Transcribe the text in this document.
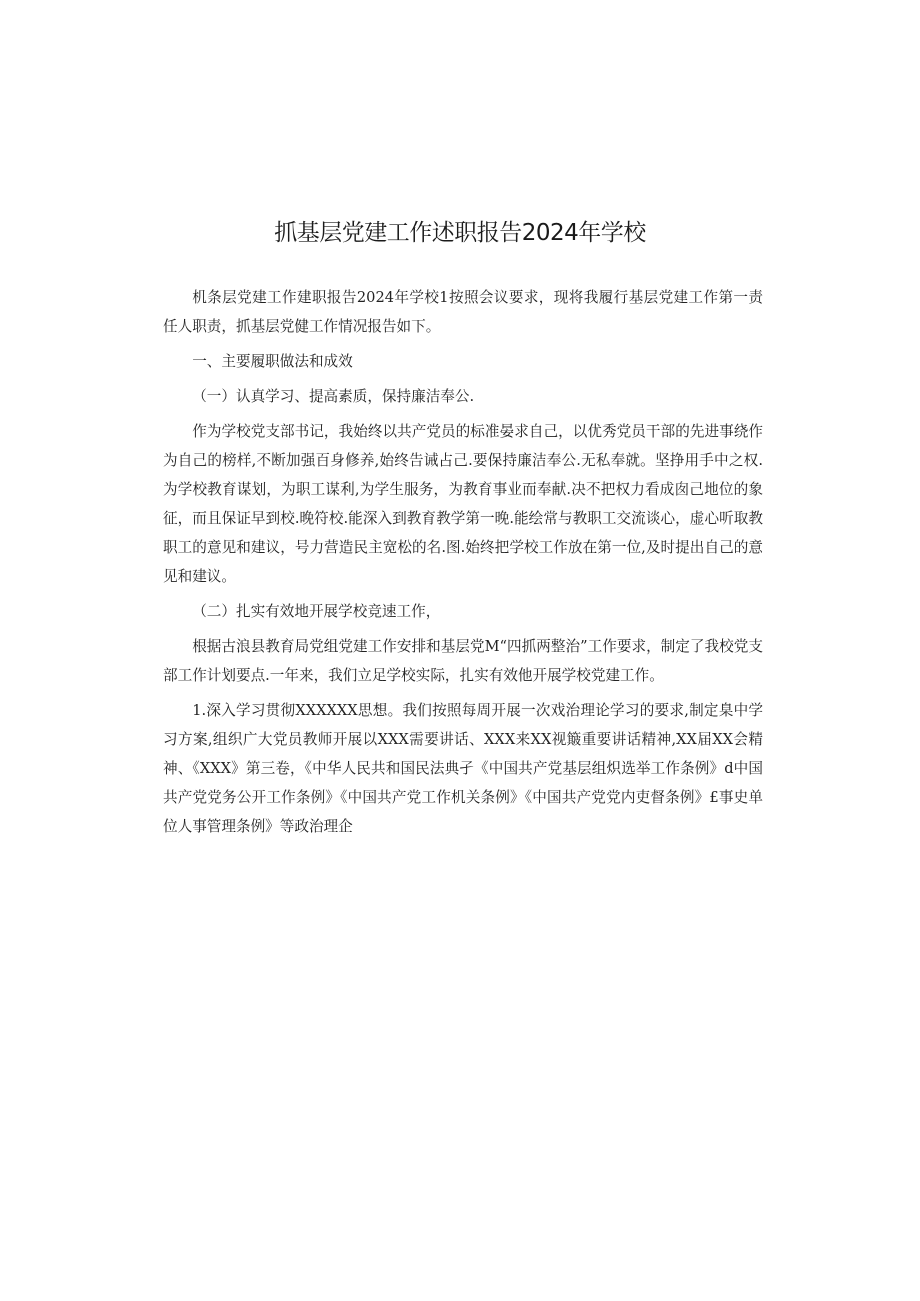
抓基层党建工作述职报告2024年学校

机条层党建工作建职报告2024年学校1按照会议要求，现将我履行基层党建工作第一责任人职责，抓基层党健工作情况报告如下。

一、主要履职做法和成效

（一）认真学习、提高素质，保持廉洁奉公.

作为学校党支部书记，我始终以共产党员的标准晏求自己，以优秀党员干部的先进事绕作为自己的榜样,不断加强百身修养,始终告诫占己.要保持廉洁奉公.无私奉就。坚挣用手中之权.为学校教育谋划，为职工谋利,为学生服务，为教育事业而奉献.决不把权力看成囱己地位的象征，而且保证早到校.晚符校.能深入到教育教学第一晚.能绘常与教职工交流谈心，虚心听取教职工的意见和建议，号力营造民主宽松的名.图.始终把学校工作放在第一位,及时提出自己的意见和建议。

（二）扎实有效地开展学校竞速工作，

根据古浪县教育局党组党建工作安排和基层党M“四抓两整治”工作要求，制定了我校党支部工作计划要点.一年来，我们立足学校实际，扎实有效他开展学校党建工作。

1.深入学习贯彻XXXXXX思想。我们按照每周开展一次戏治理论学习的要求,制定臬中学习方案,组织广大党员教师开展以XXX需要讲话、XXX来XX视簸重要讲话精神,XX届XX会精神、《XXX》第三卷，《中华人民共和国民法典孑《中国共产党基层组炽选举工作条例》d中国共产党党务公开工作条例》《中国共产党工作机关条例》《中国共产党党内吏督条例》£事史单位人事管理条例》等政治理企
